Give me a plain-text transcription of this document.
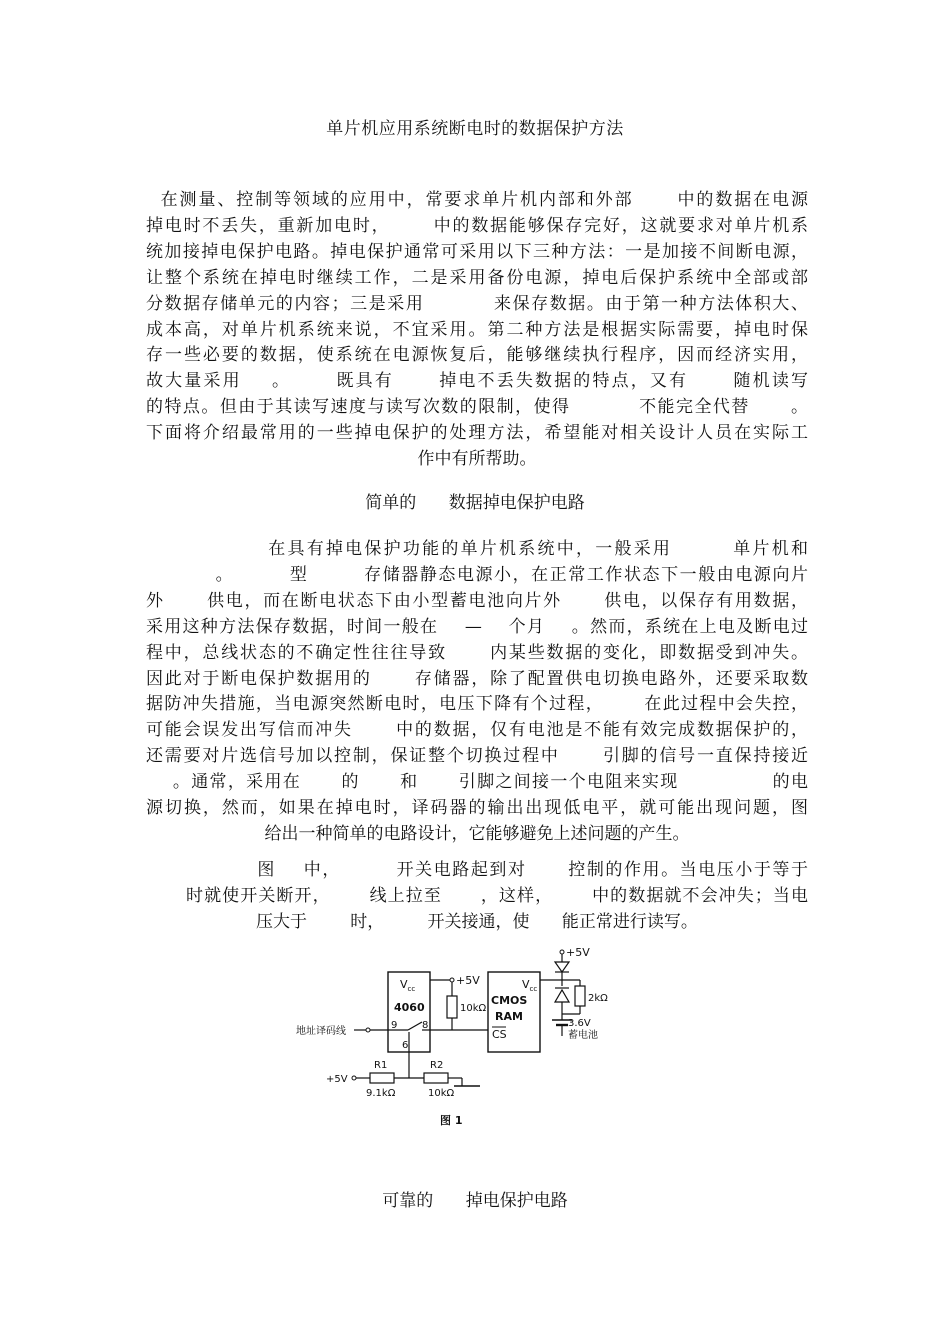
单片机应用系统断电时的数据保护方法
在测量、控制等领域的应用中，常要求单片机内部和外部      中的数据在电源
掉电时不丢失，重新加电时，      中的数据能够保存完好，这就要求对单片机系
统加接掉电保护电路。掉电保护通常可采用以下三种方法：一是加接不间断电源，
让整个系统在掉电时继续工作，二是采用备份电源，掉电后保护系统中全部或部
分数据存储单元的内容；三是采用          来保存数据。由于第一种方法体积大、
成本高，对单片机系统来说，不宜采用。第二种方法是根据实际需要，掉电时保
存一些必要的数据，使系统在电源恢复后，能够继续执行程序，因而经济实用，
故大量采用    。      既具有      掉电不丢失数据的特点，又有      随机读写
的特点。但由于其读写速度与读写次数的限制，使得          不能完全代替      。
下面将介绍最常用的一些掉电保护的处理方法，希望能对相关设计人员在实际工
作中有所帮助。
简单的      数据掉电保护电路
在具有掉电保护功能的单片机系统中，一般采用        单片机和
。        型        存储器静态电源小，在正常工作状态下一般由电源向片
外      供电，而在断电状态下由小型蓄电池向片外      供电，以保存有用数据，
采用这种方法保存数据，时间一般在    —    个月    。然而，系统在上电及断电过
程中，总线状态的不确定性往往导致      内某些数据的变化，即数据受到冲失。
因此对于断电保护数据用的      存储器，除了配置供电切换电路外，还要采取数
据防冲失措施，当电源突然断电时，电压下降有个过程，      在此过程中会失控，
可能会误发出写信而冲失      中的数据，仅有电池是不能有效完成数据保护的，
还需要对片选信号加以控制，保证整个切换过程中      引脚的信号一直保持接近
。通常，采用在      的      和      引脚之间接一个电阻来实现              的电
源切换，然而，如果在掉电时，译码器的输出出现低电平，就可能出现问题，图
给出一种简单的电路设计，它能够避免上述问题的产生。
图    中，        开关电路起到对      控制的作用。当电压小于等于
时就使开关断开，      线上拉至      ，这样，      中的数据就不会冲失；当电
压大于        时，        开关接通，使      能正常进行读写。
$V_{cc}$
4060
9 8
6
+5V
10kΩ
$V_{cc}$
CMOS
RAM
CS
地址译码线
+5V
2kΩ
3.6V
蓄电池
+5V
R1
9.1kΩ
R2
10kΩ
图 1
可靠的      掉电保护电路
